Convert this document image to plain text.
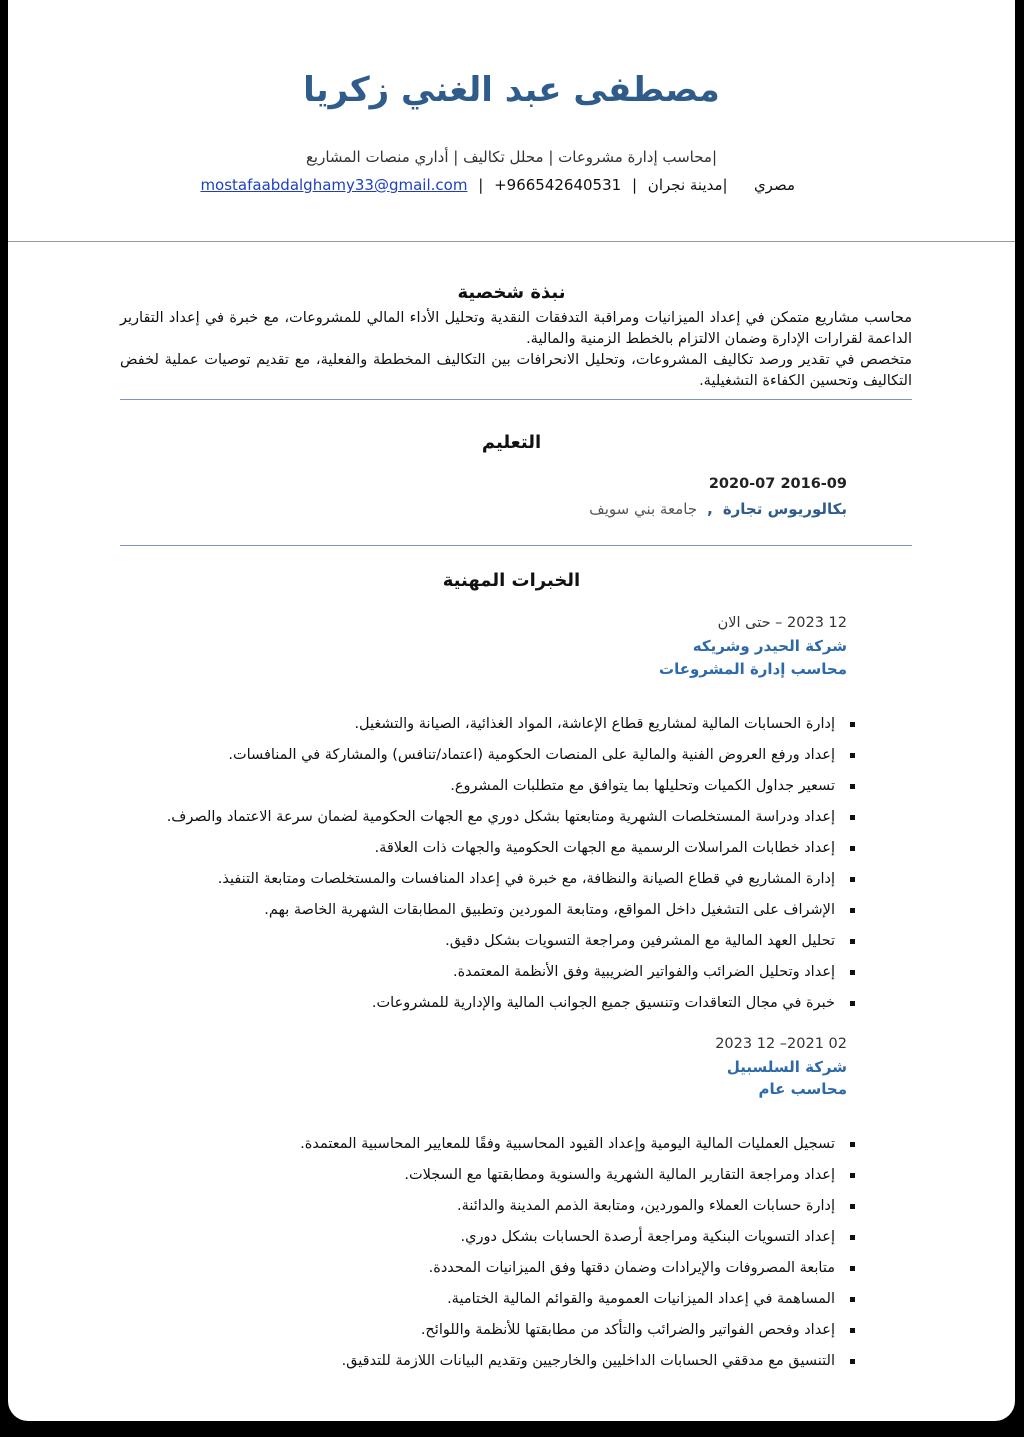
مصطفى عبد الغني زكريا
|محاسب إدارة مشروعات | محلل تكاليف | أداري منصات المشاريع
مصري   |مدينة نجران | mostafaabdalghamy33@gmail.com | +966542640531
نبذة شخصية

محاسب مشاريع متمكن في إعداد الميزانيات ومراقبة التدفقات النقدية وتحليل الأداء المالي للمشروعات، مع خبرة في إعداد التقارير الداعمة لقرارات الإدارة وضمان الالتزام بالخطط الزمنية والمالية.

متخصص في تقدير ورصد تكاليف المشروعات، وتحليل الانحرافات بين التكاليف المخططة والفعلية، مع تقديم توصيات عملية لخفض التكاليف وتحسين الكفاءة التشغيلية.

التعليم
2016-09 2020-07
بكالوريوس تجارة  ,  جامعة بني سويف
الخبرات المهنية
12 2023 – حتى الان
شركة الحيدر وشريكه
محاسب إدارة المشروعات
إدارة الحسابات المالية لمشاريع قطاع الإعاشة، المواد الغذائية، الصيانة والتشغيل.
إعداد ورفع العروض الفنية والمالية على المنصات الحكومية (اعتماد/تنافس) والمشاركة في المنافسات.
تسعير جداول الكميات وتحليلها بما يتوافق مع متطلبات المشروع.
إعداد ودراسة المستخلصات الشهرية ومتابعتها بشكل دوري مع الجهات الحكومية لضمان سرعة الاعتماد والصرف.
إعداد خطابات المراسلات الرسمية مع الجهات الحكومية والجهات ذات العلاقة.
إدارة المشاريع في قطاع الصيانة والنظافة، مع خبرة في إعداد المنافسات والمستخلصات ومتابعة التنفيذ.
الإشراف على التشغيل داخل المواقع، ومتابعة الموردين وتطبيق المطابقات الشهرية الخاصة بهم.
تحليل العهد المالية مع المشرفين ومراجعة التسويات بشكل دقيق.
إعداد وتحليل الضرائب والفواتير الضريبية وفق الأنظمة المعتمدة.
خبرة في مجال التعاقدات وتنسيق جميع الجوانب المالية والإدارية للمشروعات.
02 2021– 12 2023
شركة السلسبيل
محاسب عام
تسجيل العمليات المالية اليومية وإعداد القيود المحاسبية وفقًا للمعايير المحاسبية المعتمدة.
إعداد ومراجعة التقارير المالية الشهرية والسنوية ومطابقتها مع السجلات.
إدارة حسابات العملاء والموردين، ومتابعة الذمم المدينة والدائنة.
إعداد التسويات البنكية ومراجعة أرصدة الحسابات بشكل دوري.
متابعة المصروفات والإيرادات وضمان دقتها وفق الميزانيات المحددة.
المساهمة في إعداد الميزانيات العمومية والقوائم المالية الختامية.
إعداد وفحص الفواتير والضرائب والتأكد من مطابقتها للأنظمة واللوائح.
التنسيق مع مدققي الحسابات الداخليين والخارجيين وتقديم البيانات اللازمة للتدقيق.
